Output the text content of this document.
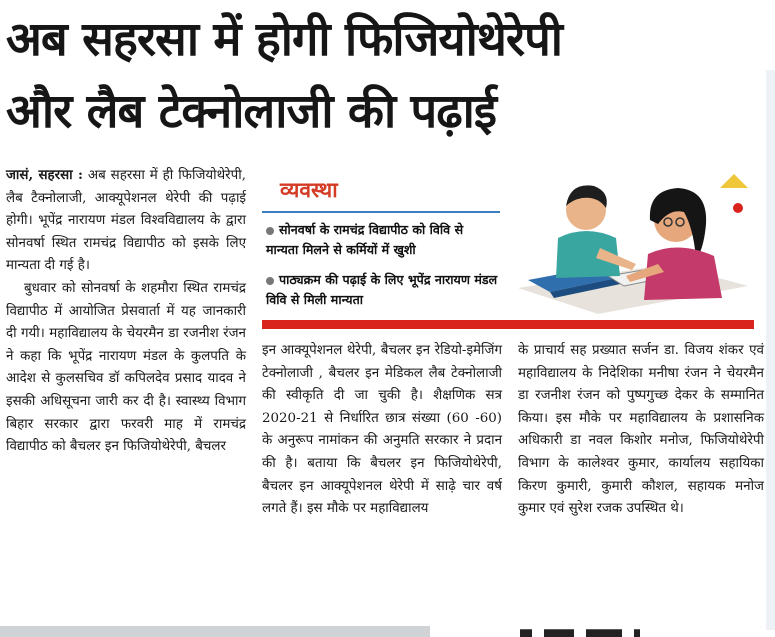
अब सहरसा में होगी फिजियोथेरेपी
और लैब टेक्नोलाजी की पढ़ाई

जासं, सहरसा : अब सहरसा में ही फिजियोथेरेपी, लैब टैक्नोलाजी, आक्यूपेशनल थेरेपी की पढ़ाई होगी। भूपेंद्र नारायण मंडल विश्वविद्यालय के द्वारा सोनवर्षा स्थित रामचंद्र विद्यापीठ को इसके लिए मान्यता दी गई है।

बुधवार को सोनवर्षा के शहमौरा स्थित रामचंद्र विद्यापीठ में आयोजित प्रेसवार्ता में यह जानकारी दी गयी। महाविद्यालय के चेयरमैन डा रजनीश रंजन ने कहा कि भूपेंद्र नारायण मंडल के कुलपति के आदेश से कुलसचिव डॉ कपिलदेव प्रसाद यादव ने इसकी अधिसूचना जारी कर दी है। स्वास्थ्य विभाग बिहार सरकार द्वारा फरवरी माह में रामचंद्र विद्यापीठ को बैचलर इन फिजियोथेरेपी, बैचलर

व्यवस्था
सोनवर्षा के रामचंद्र विद्यापीठ को विवि से मान्यता मिलने से कर्मियों में खुशी
पाठ्यक्रम की पढ़ाई के लिए भूपेंद्र नारायण मंडल विवि से मिली मान्यता

इन आक्यूपेशनल थेरेपी, बैचलर इन रेडियो-इमेजिंग टेक्नोलाजी , बैचलर इन मेडिकल लैब टेक्नोलाजी की स्वीकृति दी जा चुकी है। शैक्षणिक सत्र 2020-21 से निर्धारित छात्र संख्या (60 -60) के अनुरूप नामांकन की अनुमति सरकार ने प्रदान की है। बताया कि बैचलर इन फिजियोथेरेपी, बैचलर इन आक्यूपेशनल थेरेपी में साढ़े चार वर्ष लगते हैं। इस मौके पर महाविद्यालय

के प्राचार्य सह प्रख्यात सर्जन डा. विजय शंकर एवं महाविद्यालय के निदेशिका मनीषा रंजन ने चेयरमैन डा रजनीश रंजन को पुष्पगुच्छ देकर के सम्मानित किया। इस मौके पर महाविद्यालय के प्रशासनिक अधिकारी डा नवल किशोर मनोज, फिजियोथेरेपी विभाग के कालेश्वर कुमार, कार्यालय सहायिका किरण कुमारी, कुमारी कौशल, सहायक मनोज कुमार एवं सुरेश रजक उपस्थित थे।
